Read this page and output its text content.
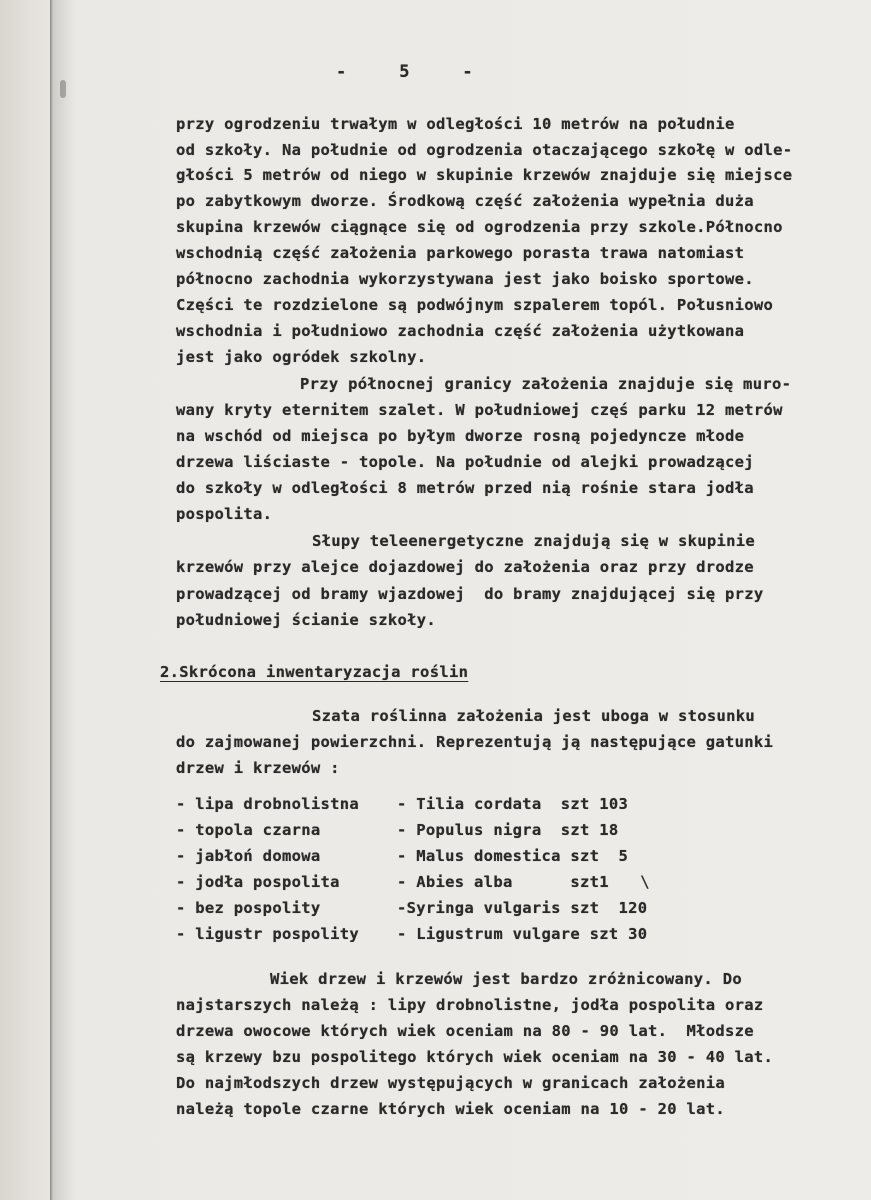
-     5     -
przy ogrodzeniu trwałym w odległości 10 metrów na południe
od szkoły. Na południe od ogrodzenia otaczającego szkołę w odle-
głości 5 metrów od niego w skupinie krzewów znajduje się miejsce
po zabytkowym dworze. Środkową część założenia wypełnia duża
skupina krzewów ciągnące się od ogrodzenia przy szkole.Północno
wschodnią część założenia parkowego porasta trawa natomiast
północno zachodnia wykorzystywana jest jako boisko sportowe.
Części te rozdzielone są podwójnym szpalerem topól. Połusniowo
wschodnia i południowo zachodnia część założenia użytkowana
jest jako ogródek szkolny.
Przy północnej granicy założenia znajduje się muro-
wany kryty eternitem szalet. W południowej częś parku 12 metrów
na wschód od miejsca po byłym dworze rosną pojedyncze młode
drzewa liściaste - topole. Na południe od alejki prowadzącej
do szkoły w odległości 8 metrów przed nią rośnie stara jodła
pospolita.
Słupy teleenergetyczne znajdują się w skupinie
krzewów przy alejce dojazdowej do założenia oraz przy drodze
prowadzącej od bramy wjazdowej  do bramy znajdującej się przy
południowej ścianie szkoły.
2.Skrócona inwentaryzacja roślin
Szata roślinna założenia jest uboga w stosunku
do zajmowanej powierzchni. Reprezentują ją następujące gatunki
drzew i krzewów :
- lipa drobnolistna - Tilia cordata  szt 103
- topola czarna	- Populus nigra  szt 18
- jabłoń domowa	- Malus domestica szt  5
- jodła pospolita	- Abies alba      szt1 \
- bez pospolity	-Syringa vulgaris szt  120
- ligustr pospolity - Ligustrum vulgare szt 30
Wiek drzew i krzewów jest bardzo zróżnicowany. Do
najstarszych należą : lipy drobnolistne, jodła pospolita oraz
drzewa owocowe których wiek oceniam na 80 - 90 lat.  Młodsze
są krzewy bzu pospolitego których wiek oceniam na 30 - 40 lat.
Do najmłodszych drzew występujących w granicach założenia
należą topole czarne których wiek oceniam na 10 - 20 lat.
